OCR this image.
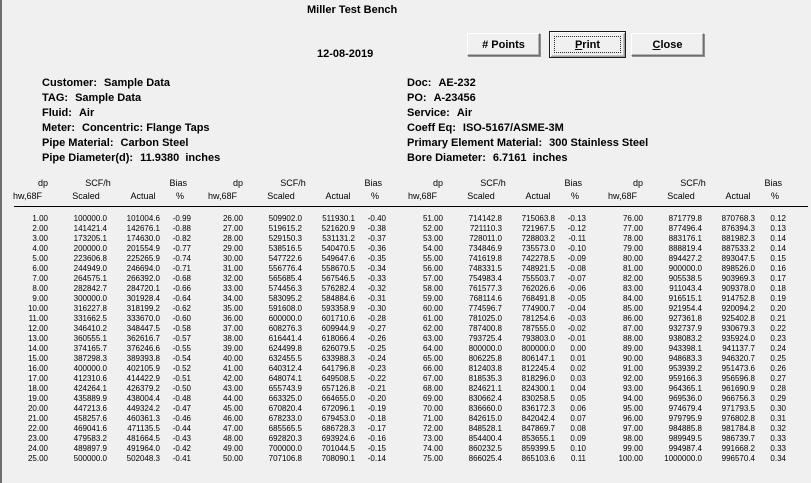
Miller Test Bench
12-08-2019
# Points	Print	Close
Customer: Sample Data
TAG: Sample Data
Fluid: Air
Meter: Concentric: Flange Taps
Pipe Material: Carbon Steel
Pipe Diameter(d): 11.9380  inches
Doc: AE-232
PO: A-23456
Service: Air
Coeff Eq: ISO-5167/ASME-3M
Primary Element Material: 300 Stainless Steel
Bore Diameter: 6.7161  inches
dp	SCF/h	Bias
hw,68F	Scaled	Actual	%
1.00	100000.0	101004.6	-0.99
2.00	141421.4	142676.1	-0.88
3.00	173205.1	174630.0	-0.82
4.00	200000.0	201554.9	-0.77
5.00	223606.8	225265.9	-0.74
6.00	244949.0	246694.0	-0.71
7.00	264575.1	266392.0	-0.68
8.00	282842.7	284720.1	-0.66
9.00	300000.0	301928.4	-0.64
10.00	316227.8	318199.2	-0.62
11.00	331662.5	333670.0	-0.60
12.00	346410.2	348447.5	-0.58
13.00	360555.1	362616.7	-0.57
14.00	374165.7	376246.6	-0.55
15.00	387298.3	389393.8	-0.54
16.00	400000.0	402105.9	-0.52
17.00	412310.6	414422.9	-0.51
18.00	424264.1	426379.2	-0.50
19.00	435889.9	438004.4	-0.48
20.00	447213.6	449324.2	-0.47
21.00	458257.6	460361.3	-0.46
22.00	469041.6	471135.5	-0.44
23.00	479583.2	481664.5	-0.43
24.00	489897.9	491964.0	-0.42
25.00	500000.0	502048.3	-0.41
dp	SCF/h	Bias
hw,68F	Scaled	Actual	%
26.00	509902.0	511930.1	-0.40
27.00	519615.2	521620.9	-0.38
28.00	529150.3	531131.2	-0.37
29.00	538516.5	540470.5	-0.36
30.00	547722.6	549647.6	-0.35
31.00	556776.4	558670.5	-0.34
32.00	565685.4	567546.5	-0.33
33.00	574456.3	576282.4	-0.32
34.00	583095.2	584884.6	-0.31
35.00	591608.0	593358.9	-0.30
36.00	600000.0	601710.6	-0.28
37.00	608276.3	609944.9	-0.27
38.00	616441.4	618066.4	-0.26
39.00	624499.8	626079.5	-0.25
40.00	632455.5	633988.3	-0.24
41.00	640312.4	641796.8	-0.23
42.00	648074.1	649508.5	-0.22
43.00	655743.9	657126.8	-0.21
44.00	663325.0	664655.0	-0.20
45.00	670820.4	672096.1	-0.19
46.00	678233.0	679453.0	-0.18
47.00	685565.5	686728.3	-0.17
48.00	692820.3	693924.6	-0.16
49.00	700000.0	701044.5	-0.15
50.00	707106.8	708090.1	-0.14
dp	SCF/h	Bias
hw,68F	Scaled	Actual	%
51.00	714142.8	715063.8	-0.13
52.00	721110.3	721967.5	-0.12
53.00	728011.0	728803.2	-0.11
54.00	734846.9	735573.0	-0.10
55.00	741619.8	742278.5	-0.09
56.00	748331.5	748921.5	-0.08
57.00	754983.4	755503.7	-0.07
58.00	761577.3	762026.6	-0.06
59.00	768114.6	768491.8	-0.05
60.00	774596.7	774900.7	-0.04
61.00	781025.0	781254.6	-0.03
62.00	787400.8	787555.0	-0.02
63.00	793725.4	793803.0	-0.01
64.00	800000.0	800000.0	0.00
65.00	806225.8	806147.1	0.01
66.00	812403.8	812245.4	0.02
67.00	818535.3	818296.0	0.03
68.00	824621.1	824300.1	0.04
69.00	830662.4	830258.5	0.05
70.00	836660.0	836172.3	0.06
71.00	842615.0	842042.4	0.07
72.00	848528.1	847869.7	0.08
73.00	854400.4	853655.1	0.09
74.00	860232.5	859399.5	0.10
75.00	866025.4	865103.6	0.11
dp	SCF/h	Bias
hw,68F	Scaled	Actual	%
76.00	871779.8	870768.3	0.12
77.00	877496.4	876394.3	0.13
78.00	883176.1	881982.3	0.14
79.00	888819.4	887533.2	0.14
80.00	894427.2	893047.5	0.15
81.00	900000.0	898526.0	0.16
82.00	905538.5	903969.3	0.17
83.00	911043.4	909378.0	0.18
84.00	916515.1	914752.8	0.19
85.00	921954.4	920094.2	0.20
86.00	927361.8	925402.8	0.21
87.00	932737.9	930679.3	0.22
88.00	938083.2	935924.0	0.23
89.00	943398.1	941137.7	0.24
90.00	948683.3	946320.7	0.25
91.00	953939.2	951473.6	0.26
92.00	959166.3	956596.8	0.27
93.00	964365.1	961690.9	0.28
94.00	969536.0	966756.3	0.29
95.00	974679.4	971793.5	0.30
96.00	979795.9	976802.8	0.31
97.00	984885.8	981784.8	0.32
98.00	989949.5	986739.7	0.33
99.00	994987.4	991668.2	0.33
100.00	1000000.0	996570.4	0.34
